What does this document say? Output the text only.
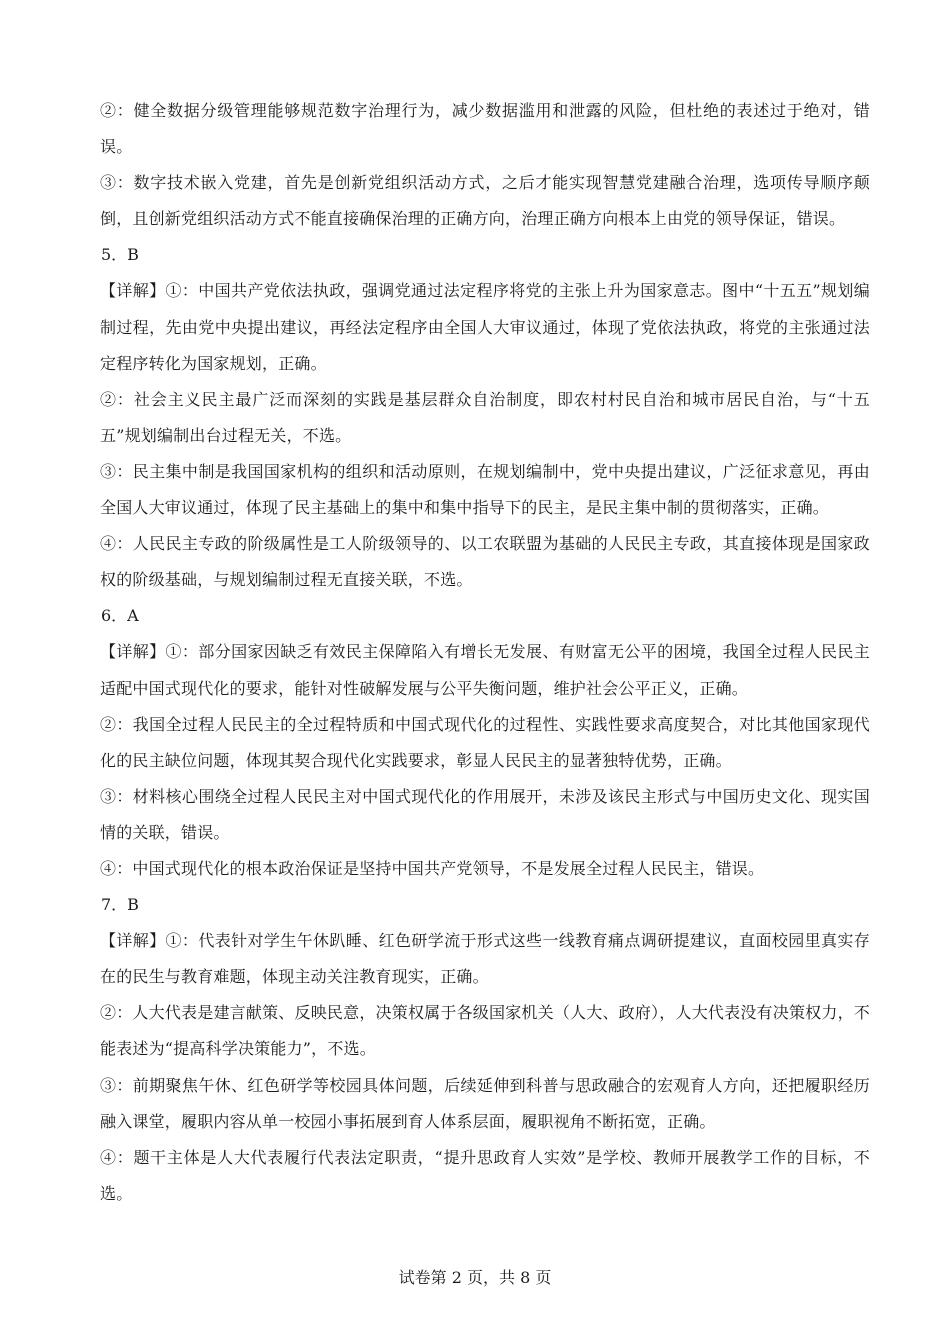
②：健全数据分级管理能够规范数字治理行为，减少数据滥用和泄露的风险，但杜绝的表述过于绝对，错误。

③：数字技术嵌入党建，首先是创新党组织活动方式，之后才能实现智慧党建融合治理，选项传导顺序颠倒，且创新党组织活动方式不能直接确保治理的正确方向，治理正确方向根本上由党的领导保证，错误。

5．B

【详解】①：中国共产党依法执政，强调党通过法定程序将党的主张上升为国家意志。图中“十五五”规划编制过程，先由党中央提出建议，再经法定程序由全国人大审议通过，体现了党依法执政，将党的主张通过法定程序转化为国家规划，正确。

②：社会主义民主最广泛而深刻的实践是基层群众自治制度，即农村村民自治和城市居民自治，与“十五五”规划编制出台过程无关，不选。

③：民主集中制是我国国家机构的组织和活动原则，在规划编制中，党中央提出建议，广泛征求意见，再由全国人大审议通过，体现了民主基础上的集中和集中指导下的民主，是民主集中制的贯彻落实，正确。

④：人民民主专政的阶级属性是工人阶级领导的、以工农联盟为基础的人民民主专政，其直接体现是国家政权的阶级基础，与规划编制过程无直接关联，不选。

6．A

【详解】①：部分国家因缺乏有效民主保障陷入有增长无发展、有财富无公平的困境，我国全过程人民民主适配中国式现代化的要求，能针对性破解发展与公平失衡问题，维护社会公平正义，正确。

②：我国全过程人民民主的全过程特质和中国式现代化的过程性、实践性要求高度契合，对比其他国家现代化的民主缺位问题，体现其契合现代化实践要求，彰显人民民主的显著独特优势，正确。

③：材料核心围绕全过程人民民主对中国式现代化的作用展开，未涉及该民主形式与中国历史文化、现实国情的关联，错误。

④：中国式现代化的根本政治保证是坚持中国共产党领导，不是发展全过程人民民主，错误。

7．B

【详解】①：代表针对学生午休趴睡、红色研学流于形式这些一线教育痛点调研提建议，直面校园里真实存在的民生与教育难题，体现主动关注教育现实，正确。

②：人大代表是建言献策、反映民意，决策权属于各级国家机关（人大、政府），人大代表没有决策权力，不能表述为“提高科学决策能力”，不选。

③：前期聚焦午休、红色研学等校园具体问题，后续延伸到科普与思政融合的宏观育人方向，还把履职经历融入课堂，履职内容从单一校园小事拓展到育人体系层面，履职视角不断拓宽，正确。

④：题干主体是人大代表履行代表法定职责，“提升思政育人实效”是学校、教师开展教学工作的目标，不选。

试卷第 2 页，共 8 页
